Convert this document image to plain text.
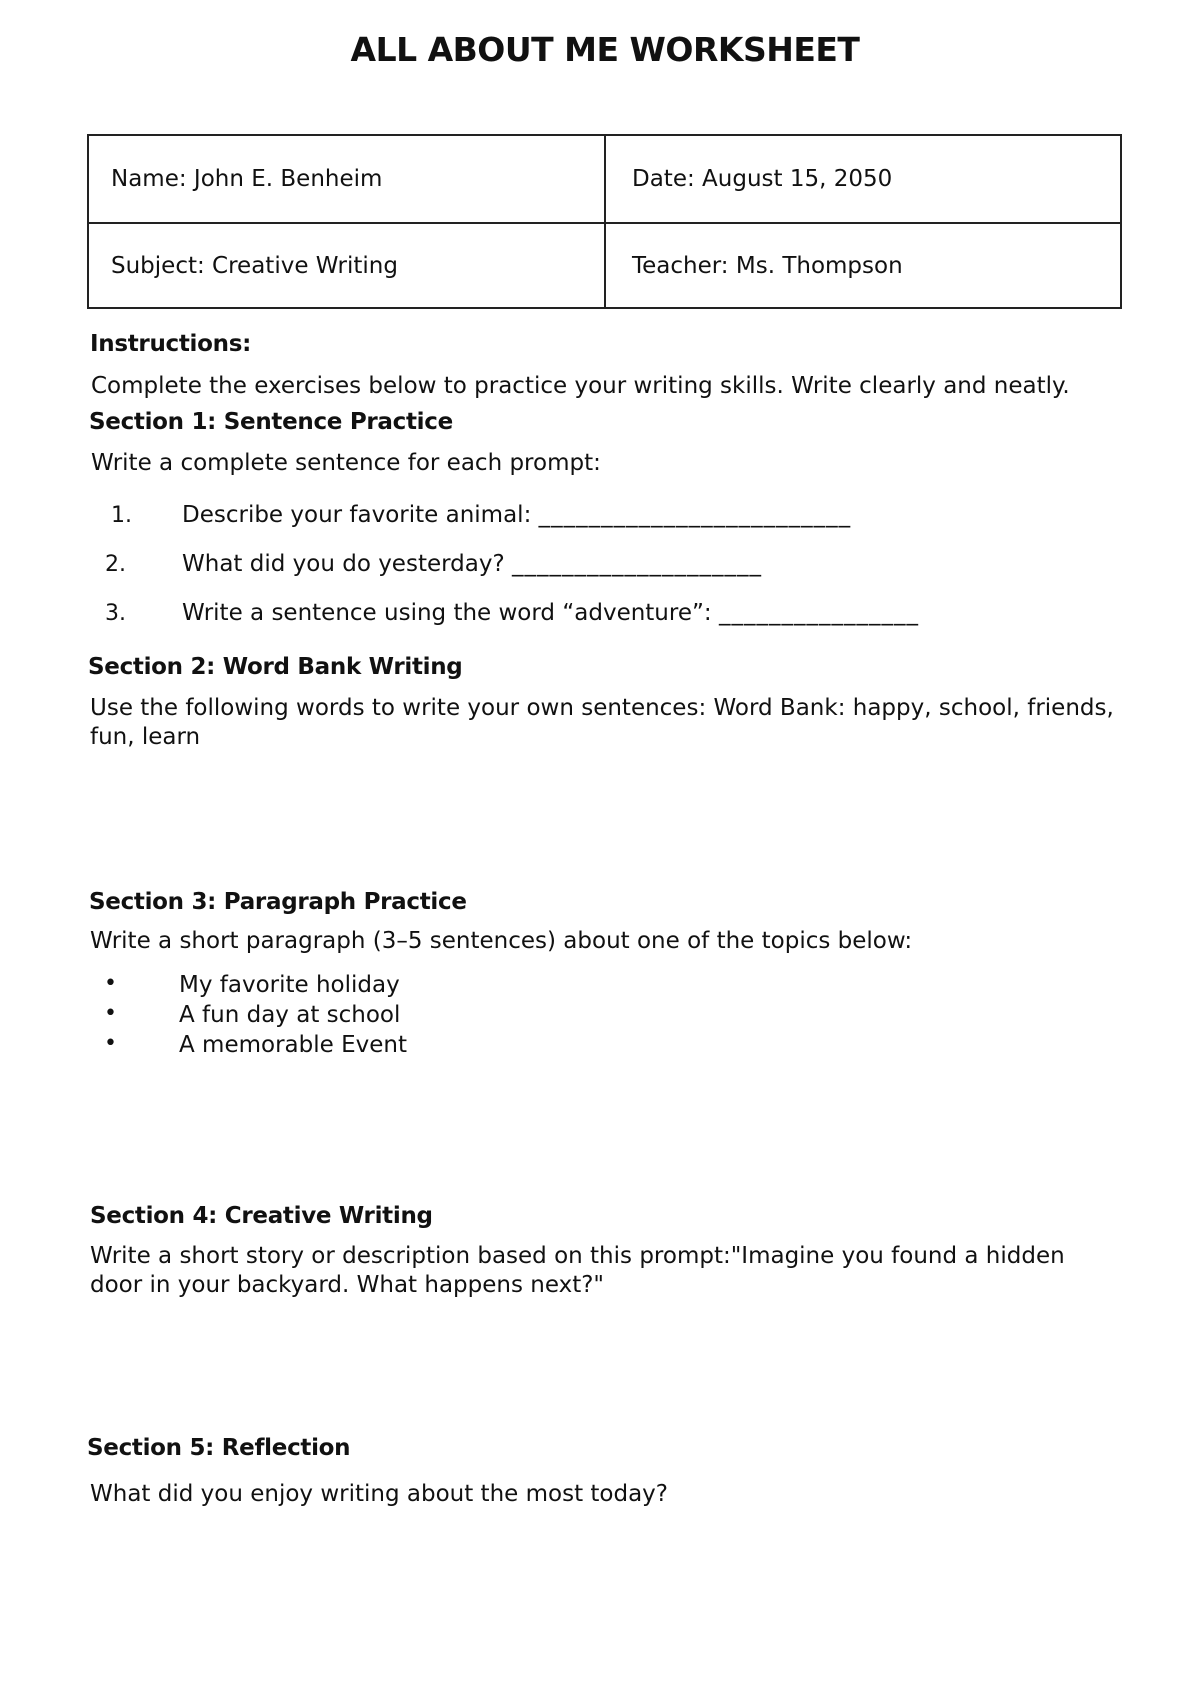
ALL ABOUT ME WORKSHEET
Name: John E. Benheim	Date: August 15, 2050
Subject: Creative Writing	Teacher: Ms. Thompson
Instructions:
Complete the exercises below to practice your writing skills. Write clearly and neatly.
Section 1: Sentence Practice
Write a complete sentence for each prompt:
1. Describe your favorite animal: _________________________
2. What did you do yesterday? ____________________
3. Write a sentence using the word “adventure”: ________________
Section 2: Word Bank Writing
Use the following words to write your own sentences: Word Bank: happy, school, friends, fun, learn
Section 3: Paragraph Practice
Write a short paragraph (3–5 sentences) about one of the topics below:
•	My favorite holiday
•	A fun day at school
•	A memorable Event
Section 4: Creative Writing
Write a short story or description based on this prompt:"Imagine you found a hidden door in your backyard. What happens next?"
Section 5: Reflection
What did you enjoy writing about the most today?
